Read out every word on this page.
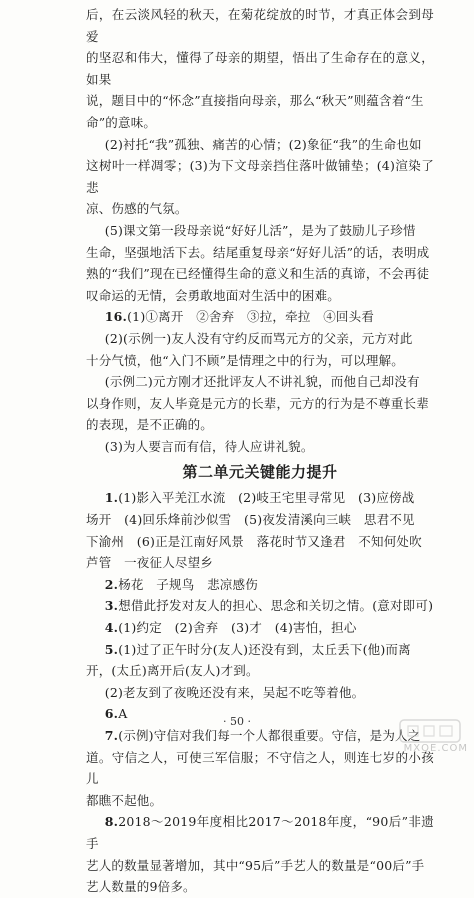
后，在云淡风轻的秋天，在菊花绽放的时节，才真正体会到母爱

的坚忍和伟大，懂得了母亲的期望，悟出了生命存在的意义，如果

说，题目中的“怀念”直接指向母亲，那么“秋天”则蕴含着“生

命”的意味。

(2)衬托“我”孤独、痛苦的心情；(2)象征“我”的生命也如

这树叶一样凋零；(3)为下文母亲挡住落叶做铺垫；(4)渲染了悲

凉、伤感的气氛。

(5)课文第一段母亲说“好好儿活”，是为了鼓励儿子珍惜

生命，坚强地活下去。结尾重复母亲“好好儿活”的话，表明成

熟的“我们”现在已经懂得生命的意义和生活的真谛，不会再徒

叹命运的无情，会勇敢地面对生活中的困难。

16.(1)①离开　②舍弃　③拉，牵拉　④回头看

(2)(示例一)友人没有守约反而骂元方的父亲，元方对此

十分气愤，他“入门不顾”是情理之中的行为，可以理解。

(示例二)元方刚才还批评友人不讲礼貌，而他自己却没有

以身作则，友人毕竟是元方的长辈，元方的行为是不尊重长辈

的表现，是不正确的。

(3)为人要言而有信，待人应讲礼貌。

第二单元关键能力提升

1.(1)影入平羌江水流　(2)岐王宅里寻常见　(3)应傍战

场开　(4)回乐烽前沙似雪　(5)夜发清溪向三峡　思君不见

下渝州　(6)正是江南好风景　落花时节又逢君　不知何处吹

芦管　一夜征人尽望乡

2.杨花　子规鸟　悲凉感伤

3.想借此抒发对友人的担心、思念和关切之情。(意对即可)

4.(1)约定　(2)舍弃　(3)才　(4)害怕，担心

5.(1)过了正午时分(友人)还没有到，太丘丢下(他)而离

开，(太丘)离开后(友人)才到。

(2)老友到了夜晚还没有来，吴起不吃等着他。

6.A

7.(示例)守信对我们每一个人都很重要。守信，是为人之

道。守信之人，可使三军信服；不守信之人，则连七岁的小孩儿

都瞧不起他。

8.2018～2019年度相比2017～2018年度，“90后”非遗手

艺人的数量显著增加，其中“95后”手艺人的数量是“00后”手

艺人数量的9倍多。

· 50 ·
MXQE.COM
